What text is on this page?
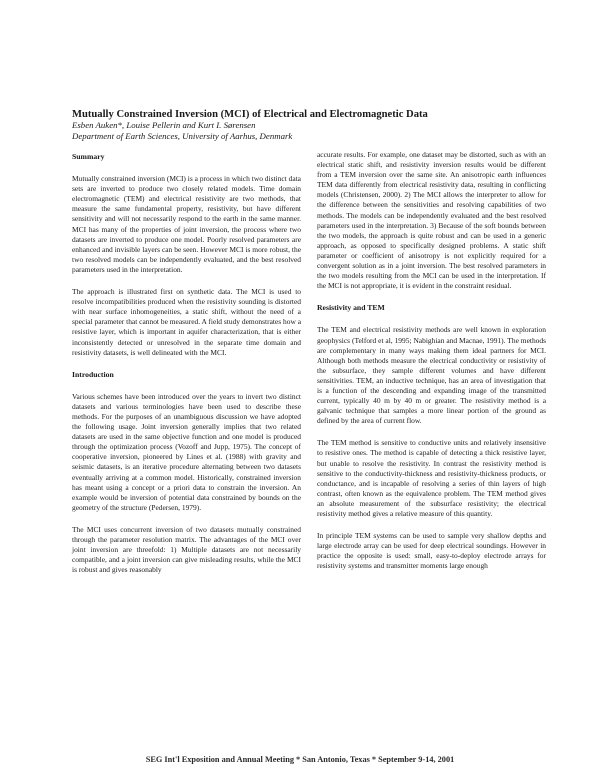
Mutually Constrained Inversion (MCI) of Electrical and Electromagnetic Data
Esben Auken*, Louise Pellerin and Kurt I. Sørensen
Department of Earth Sciences, University of Aarhus, Denmark
Summary

Mutually constrained inversion (MCI) is a process in which two distinct data sets are inverted to produce two closely related models. Time domain electromagnetic (TEM) and electrical resistivity are two methods, that measure the same fundamental property, resistivity, but have different sensitivity and will not necessarily respond to the earth in the same manner. MCI has many of the properties of joint inversion, the process where two datasets are inverted to produce one model. Poorly resolved parameters are enhanced and invisible layers can be seen. However MCI is more robust, the two resolved models can be independently evaluated, and the best resolved parameters used in the interpretation.

The approach is illustrated first on synthetic data. The MCI is used to resolve incompatibilities produced when the resistivity sounding is distorted with near surface inhomogeneities, a static shift, without the need of a special parameter that cannot be measured. A field study demonstrates how a resistive layer, which is important in aquifer characterization, that is either inconsistently detected or unresolved in the separate time domain and resistivity datasets, is well delineated with the MCI.

Introduction

Various schemes have been introduced over the years to invert two distinct datasets and various terminologies have been used to describe these methods. For the purposes of an unambiguous discussion we have adopted the following usage. Joint inversion generally implies that two related datasets are used in the same objective function and one model is produced through the optimization process (Vozoff and Jupp, 1975). The concept of cooperative inversion, pioneered by Lines et al. (1988) with gravity and seismic datasets, is an iterative procedure alternating between two datasets eventually arriving at a common model. Historically, constrained inversion has meant using a concept or a priori data to constrain the inversion. An example would be inversion of potential data constrained by bounds on the geometry of the structure (Pedersen, 1979).

The MCI uses concurrent inversion of two datasets mutually constrained through the parameter resolution matrix. The advantages of the MCI over joint inversion are threefold: 1) Multiple datasets are not necessarily compatible, and a joint inversion can give misleading results, while the MCI is robust and gives reasonably

accurate results. For example, one dataset may be distorted, such as with an electrical static shift, and resistivity inversion results would be different from a TEM inversion over the same site. An anisotropic earth influences TEM data differently from electrical resistivity data, resulting in conflicting models (Christensen, 2000). 2) The MCI allows the interpreter to allow for the difference between the sensitivities and resolving capabilities of two methods. The models can be independently evaluated and the best resolved parameters used in the interpretation. 3) Because of the soft bounds between the two models, the approach is quite robust and can be used in a generic approach, as opposed to specifically designed problems. A static shift parameter or coefficient of anisotropy is not explicitly required for a convergent solution as in a joint inversion. The best resolved parameters in the two models resulting from the MCI can be used in the interpretation. If the MCI is not appropriate, it is evident in the constraint residual.

Resistivity and TEM

The TEM and electrical resistivity methods are well known in exploration geophysics (Telford et al, 1995; Nabighian and Macnae, 1991). The methods are complementary in many ways making them ideal partners for MCI. Although both methods measure the electrical conductivity or resistivity of the subsurface, they sample different volumes and have different sensitivities. TEM, an inductive technique, has an area of investigation that is a function of the descending and expanding image of the transmitted current, typically 40 m by 40 m or greater. The resistivity method is a galvanic technique that samples a more linear portion of the ground as defined by the area of current flow.

The TEM method is sensitive to conductive units and relatively insensitive to resistive ones. The method is capable of detecting a thick resistive layer, but unable to resolve the resistivity. In contrast the resistivity method is sensitive to the conductivity-thickness and resistivity-thickness products, or conductance, and is incapable of resolving a series of thin layers of high contrast, often known as the equivalence problem. The TEM method gives an absolute measurement of the subsurface resistivity; the electrical resistivity method gives a relative measure of this quantity.

In principle TEM systems can be used to sample very shallow depths and large electrode array can be used for deep electrical soundings. However in practice the opposite is used: small, easy-to-deploy electrode arrays for resistivity systems and transmitter moments large enough

SEG Int'l Exposition and Annual Meeting * San Antonio, Texas * September 9-14, 2001
